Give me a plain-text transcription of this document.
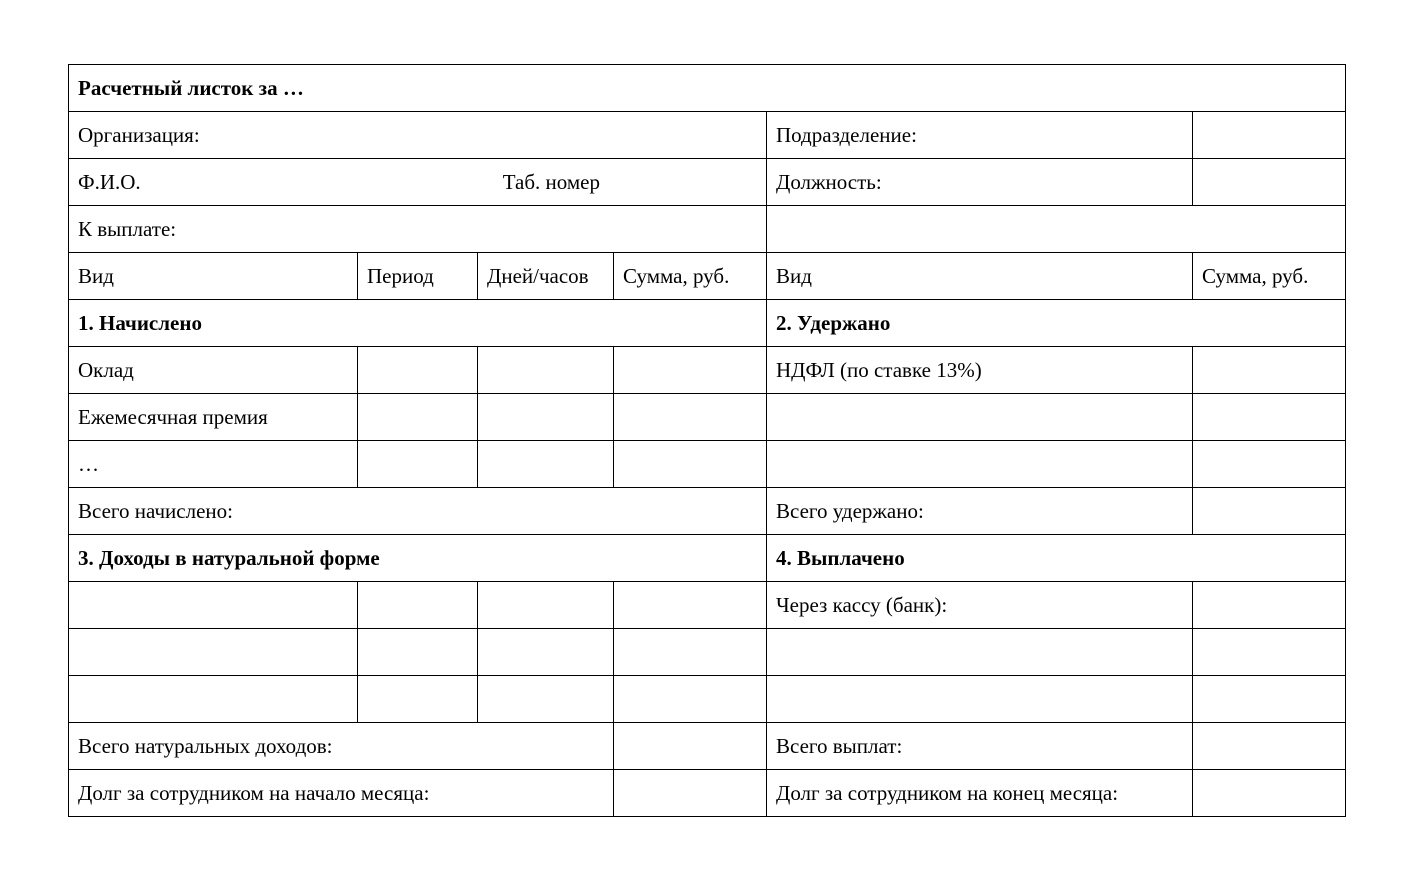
Расчетный листок за …					
Организация:				Подразделение:	

Ф.И.О. Таб. номер				Должность:	
К выплате:					
Вид	Период	Дней/часов	Сумма, руб.	Вид	Сумма, руб.
1. Начислено				2. Удержано	
Оклад				НДФЛ (по ставке 13%)	
Ежемесячная премия					
…					
Всего начислено:				Всего удержано:	
3. Доходы в натуральной форме				4. Выплачено	
				Через кассу (банк):	

Всего натуральных доходов:				Всего выплат:	
Долг за сотрудником на начало месяца:				Долг за сотрудником на конец месяца:	
